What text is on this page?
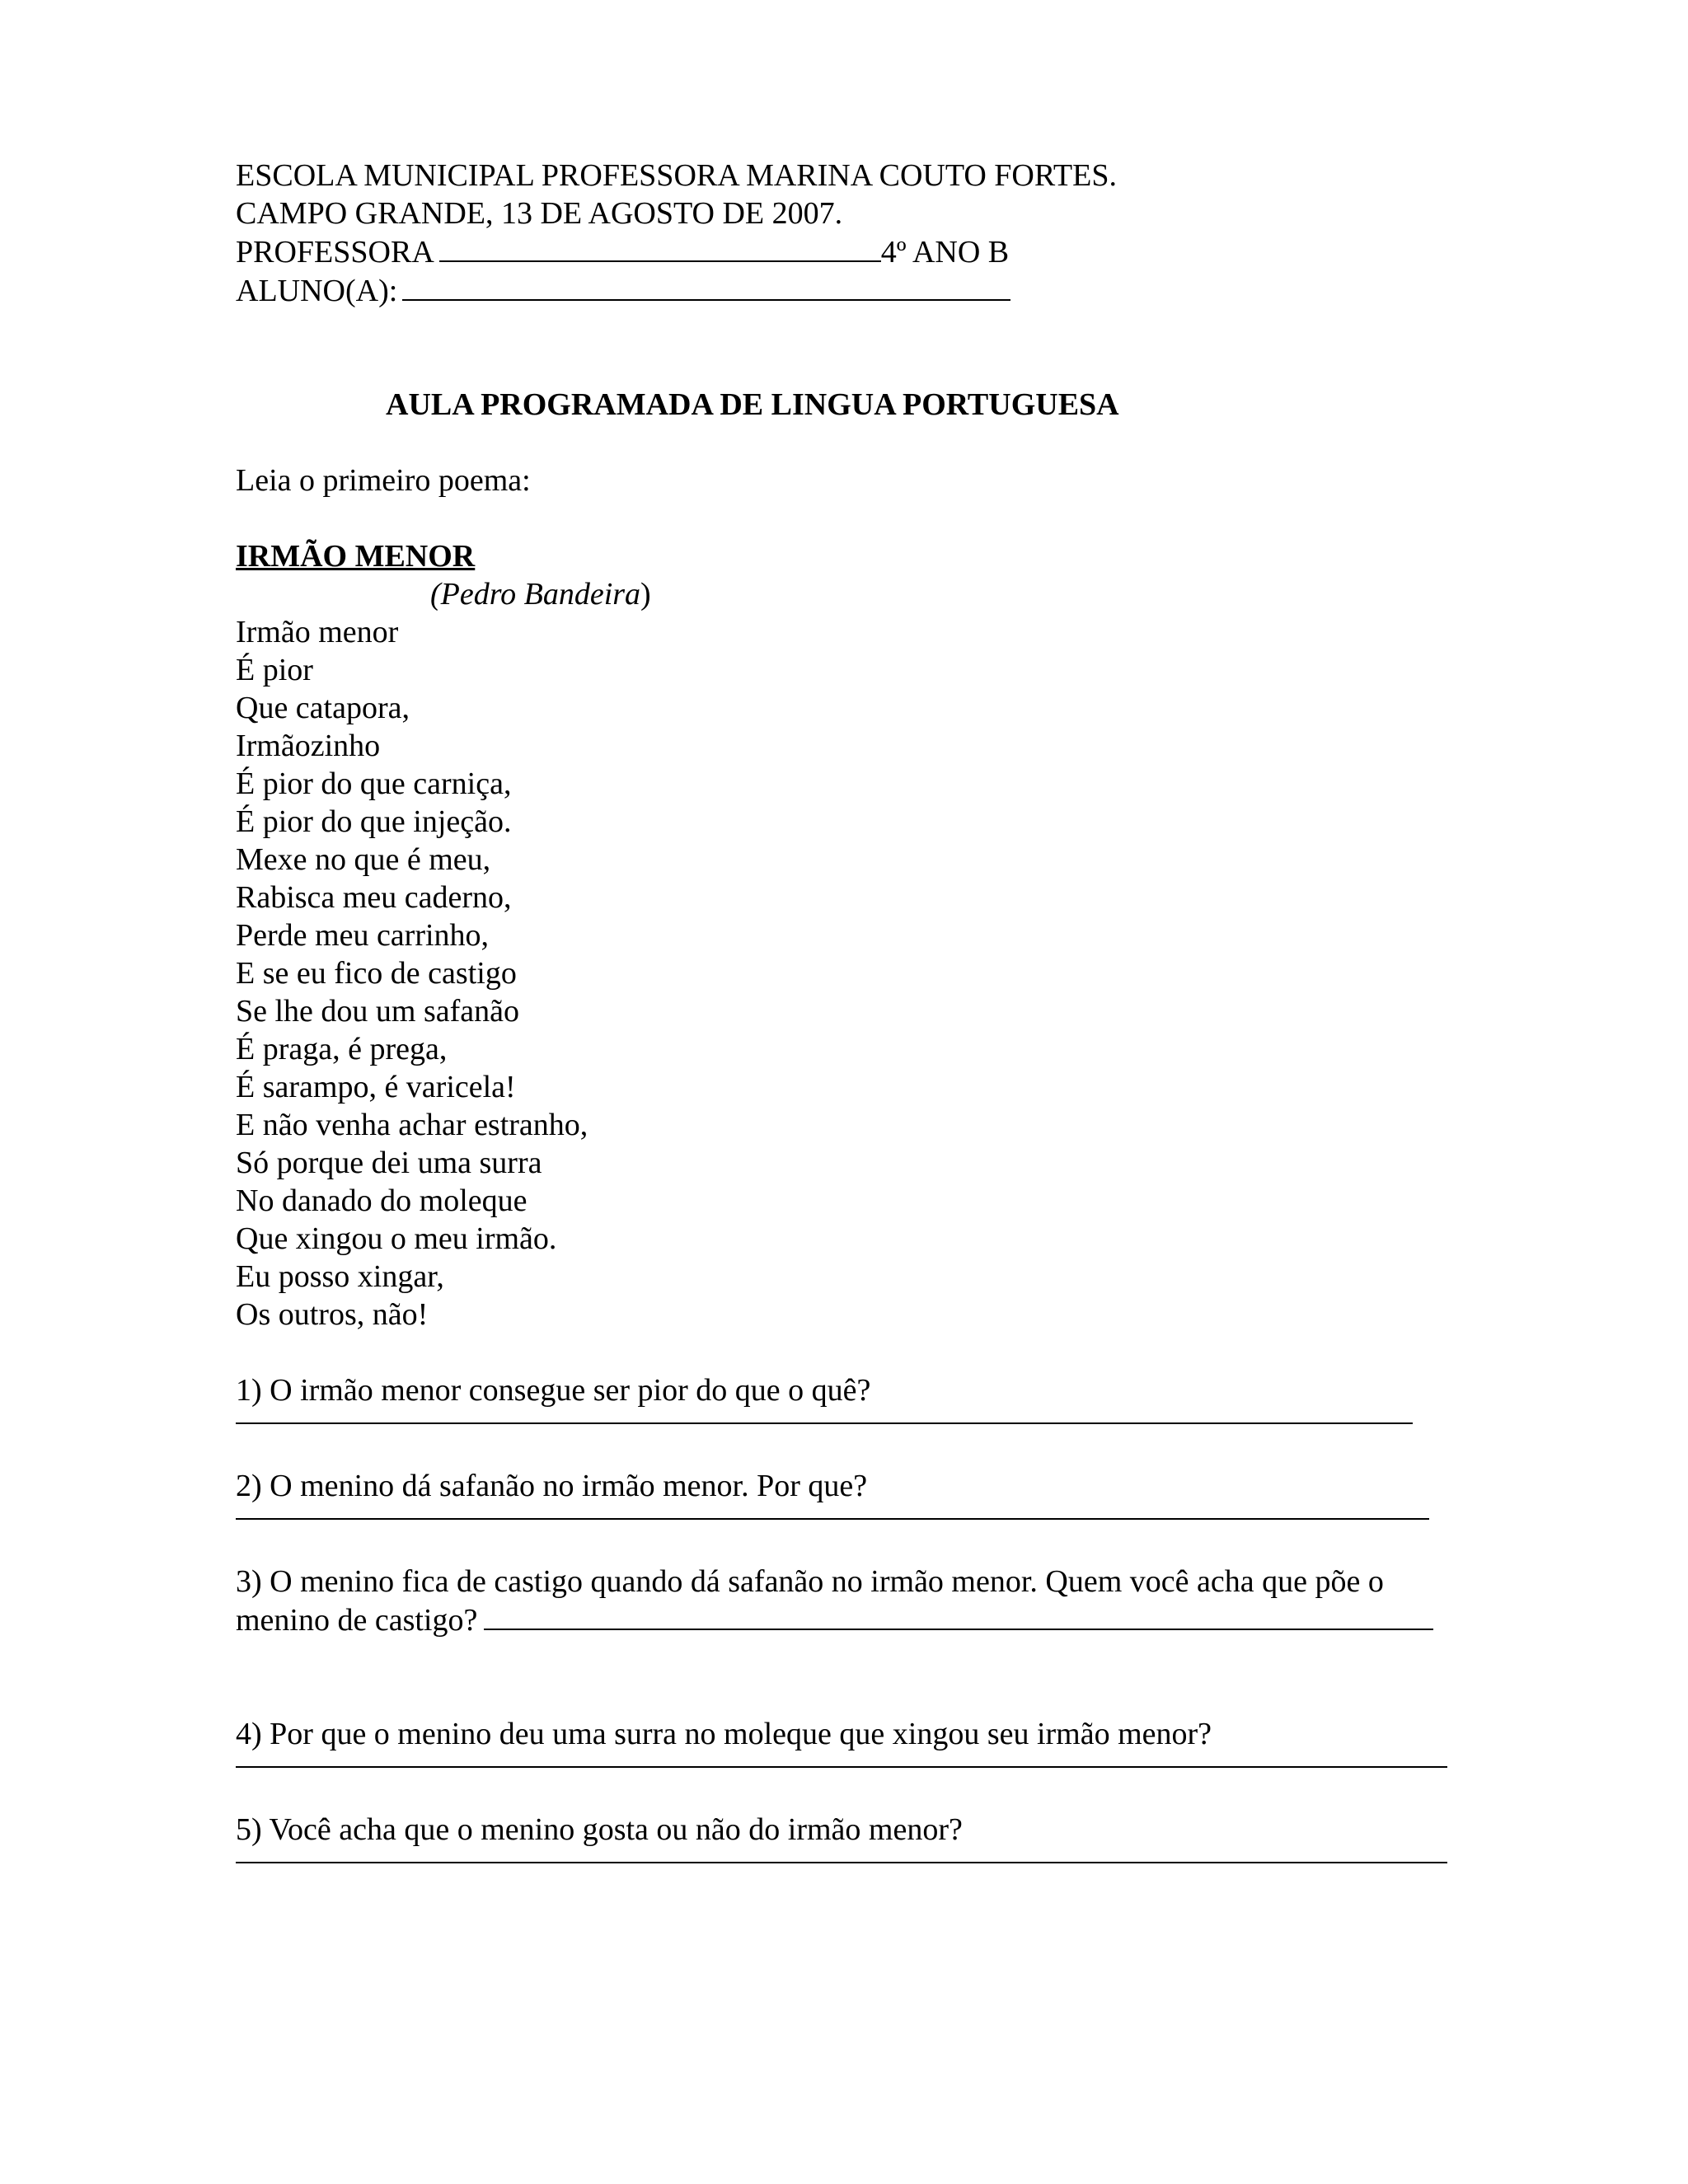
ESCOLA MUNICIPAL PROFESSORA MARINA COUTO FORTES.
CAMPO GRANDE, 13 DE AGOSTO DE 2007.
PROFESSORA	4º ANO B
ALUNO(A):
AULA PROGRAMADA DE LINGUA PORTUGUESA
Leia o primeiro poema:
IRMÃO MENOR
(Pedro Bandeira)
Irmão menor
É pior
Que catapora,
Irmãozinho
É pior do que carniça,
É pior do que injeção.
Mexe no que é meu,
Rabisca meu caderno,
Perde meu carrinho,
E se eu fico de castigo
Se lhe dou um safanão
É praga, é prega,
É sarampo, é varicela!
E não venha achar estranho,
Só porque dei uma surra
No danado do moleque
Que xingou o meu irmão.
Eu posso xingar,
Os outros, não!
1) O irmão menor consegue ser pior do que o quê?
2) O menino dá safanão no irmão menor. Por que?
3) O menino fica de castigo quando dá safanão no irmão menor. Quem você acha que põe o
menino de castigo?
4) Por que o menino deu uma surra no moleque que xingou seu irmão menor?
5) Você acha que o menino gosta ou não do irmão menor?
